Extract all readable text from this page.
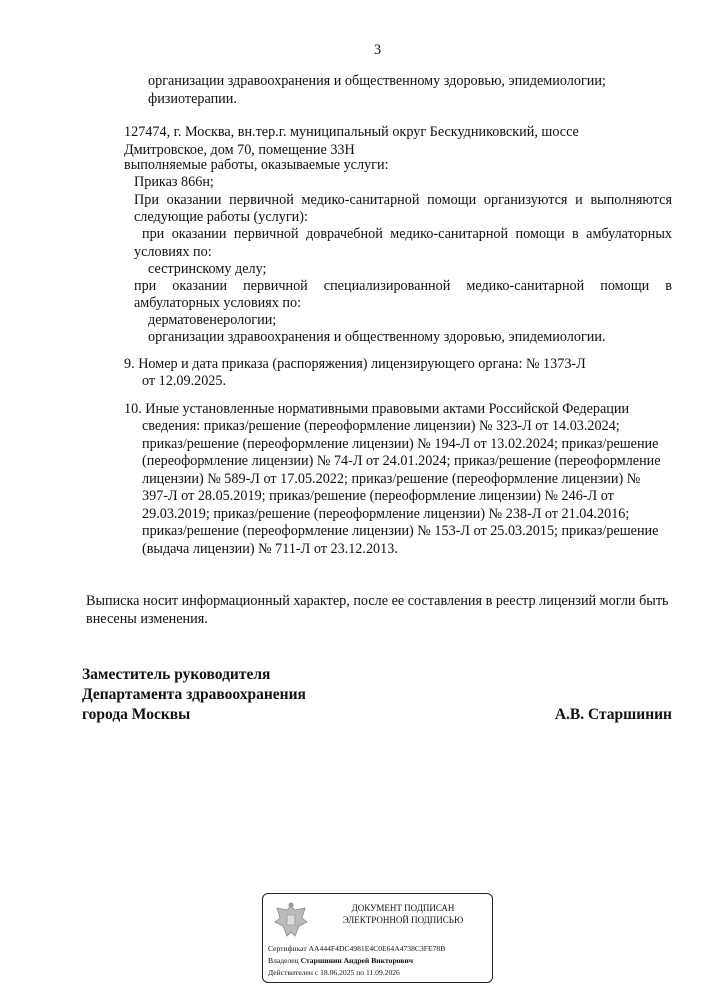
3
организации здравоохранения и общественному здоровью, эпидемиологии;
физиотерапии.
127474, г. Москва, вн.тер.г. муниципальный округ Бескудниковский, шоссе
Дмитровское, дом 70, помещение 33Н
выполняемые работы, оказываемые услуги:
Приказ 866н;
При оказании первичной медико-санитарной помощи организуются и выполняются
следующие работы (услуги):
при оказании первичной доврачебной медико-санитарной помощи в амбулаторных
условиях по:
сестринскому делу;
при оказании первичной специализированной медико-санитарной помощи в
амбулаторных условиях по:
дерматовенерологии;
организации здравоохранения и общественному здоровью, эпидемиологии.
9. Номер и дата приказа (распоряжения) лицензирующего органа: № 1373-Л
от 12.09.2025.
10. Иные установленные нормативными правовыми актами Российской Федерации
сведения: приказ/решение (переоформление лицензии) № 323-Л от 14.03.2024;
приказ/решение (переоформление лицензии) № 194-Л от 13.02.2024; приказ/решение
(переоформление лицензии) № 74-Л от 24.01.2024; приказ/решение (переоформление
лицензии) № 589-Л от 17.05.2022; приказ/решение (переоформление лицензии) №
397-Л от 28.05.2019; приказ/решение (переоформление лицензии) № 246-Л от
29.03.2019; приказ/решение (переоформление лицензии) № 238-Л от 21.04.2016;
приказ/решение (переоформление лицензии) № 153-Л от 25.03.2015; приказ/решение
(выдача лицензии) № 711-Л от 23.12.2013.
Выписка носит информационный характер, после ее составления в реестр лицензий могли быть
внесены изменения.
Заместитель руководителя
Департамента здравоохранения
города Москвы	А.В. Старшинин
ДОКУМЕНТ ПОДПИСАН
ЭЛЕКТРОННОЙ ПОДПИСЬЮ
Сертификат AA444F4DC4981E4C0E64A4738C3FE78B
Владелец Старшинин Андрей Викторович
Действителен с 18.06.2025 по 11.09.2026
